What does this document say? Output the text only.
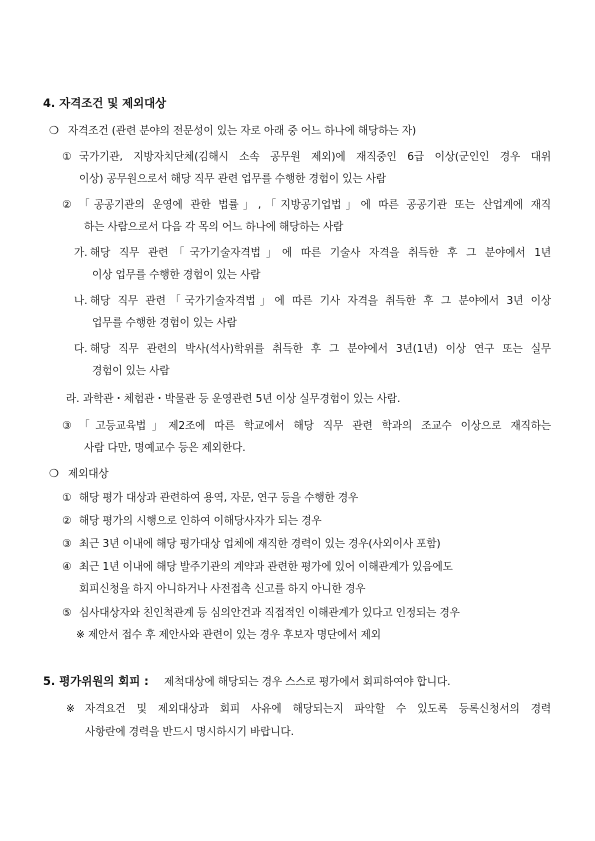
4. 자격조건 및 제외대상
❍ 자격조건 (관련 분야의 전문성이 있는 자로 아래 중 어느 하나에 해당하는 자)
① 국가기관, 지방자치단체(김해시 소속 공무원 제외)에 재직중인 6급 이상(군인인 경우 대위
이상) 공무원으로서 해당 직무 관련 업무를 수행한 경험이 있는 사람
② 「공공기관의 운영에 관한 법률」,「지방공기업법」에 따른 공공기관 또는 산업계에 재직
하는 사람으로서 다음 각 목의 어느 하나에 해당하는 사람
가. 해당 직무 관련「국가기술자격법」에 따른 기술사 자격을 취득한 후 그 분야에서 1년
이상 업무를 수행한 경험이 있는 사람
나. 해당 직무 관련「국가기술자격법」에 따른 기사 자격을 취득한 후 그 분야에서 3년 이상
업무를 수행한 경험이 있는 사람
다. 해당 직무 관련의 박사(석사)학위를 취득한 후 그 분야에서 3년(1년) 이상 연구 또는 실무
경험이 있는 사람
라. 과학관・체험관・박물관 등 운영관련 5년 이상 실무경험이 있는 사람.
③ 「고등교육법」제2조에 따른 학교에서 해당 직무 관련 학과의 조교수 이상으로 재직하는
사람 다만, 명예교수 등은 제외한다.
❍ 제외대상
① 해당 평가 대상과 관련하여 용역, 자문, 연구 등을 수행한 경우
② 해당 평가의 시행으로 인하여 이해당사자가 되는 경우
③ 최근 3년 이내에 해당 평가대상 업체에 재직한 경력이 있는 경우(사외이사 포함)
④ 최근 1년 이내에 해당 발주기관의 계약과 관련한 평가에 있어 이해관계가 있음에도
회피신청을 하지 아니하거나 사전접촉 신고를 하지 아니한 경우
⑤ 심사대상자와 친인척관계 등 심의안건과 직접적인 이해관계가 있다고 인정되는 경우
※ 제안서 접수 후 제안사와 관련이 있는 경우 후보자 명단에서 제외
5. 평가위원의 회피 : 제척대상에 해당되는 경우 스스로 평가에서 회피하여야 합니다.
※ 자격요건 및 제외대상과 회피 사유에 해당되는지 파악할 수 있도록 등록신청서의 경력
사항란에 경력을 반드시 명시하시기 바랍니다.
